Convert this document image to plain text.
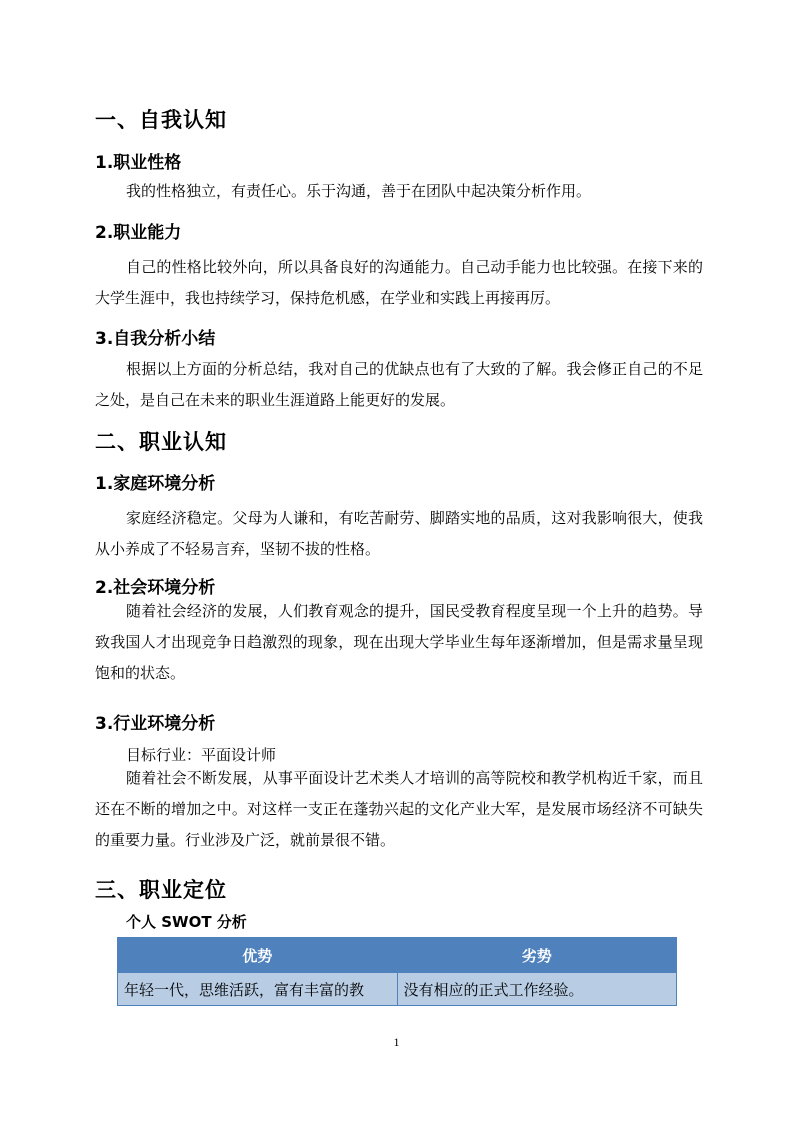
一、自我认知
1.职业性格

我的性格独立，有责任心。乐于沟通，善于在团队中起决策分析作用。

2.职业能力

自己的性格比较外向，所以具备良好的沟通能力。自己动手能力也比较强。在接下来的大学生涯中，我也持续学习，保持危机感，在学业和实践上再接再厉。

3.自我分析小结

根据以上方面的分析总结，我对自己的优缺点也有了大致的了解。我会修正自己的不足之处，是自己在未来的职业生涯道路上能更好的发展。

二、职业认知
1.家庭环境分析

家庭经济稳定。父母为人谦和，有吃苦耐劳、脚踏实地的品质，这对我影响很大，使我从小养成了不轻易言弃，坚韧不拔的性格。

2.社会环境分析

随着社会经济的发展，人们教育观念的提升，国民受教育程度呈现一个上升的趋势。导致我国人才出现竞争日趋激烈的现象，现在出现大学毕业生每年逐渐增加，但是需求量呈现饱和的状态。

3.行业环境分析
目标行业：平面设计师

随着社会不断发展，从事平面设计艺术类人才培训的高等院校和教学机构近千家，而且还在不断的增加之中。对这样一支正在蓬勃兴起的文化产业大军，是发展市场经济不可缺失的重要力量。行业涉及广泛，就前景很不错。

三、职业定位
个人 SWOT 分析
优势	劣势
年轻一代，思维活跃，富有丰富的教	没有相应的正式工作经验。
1
